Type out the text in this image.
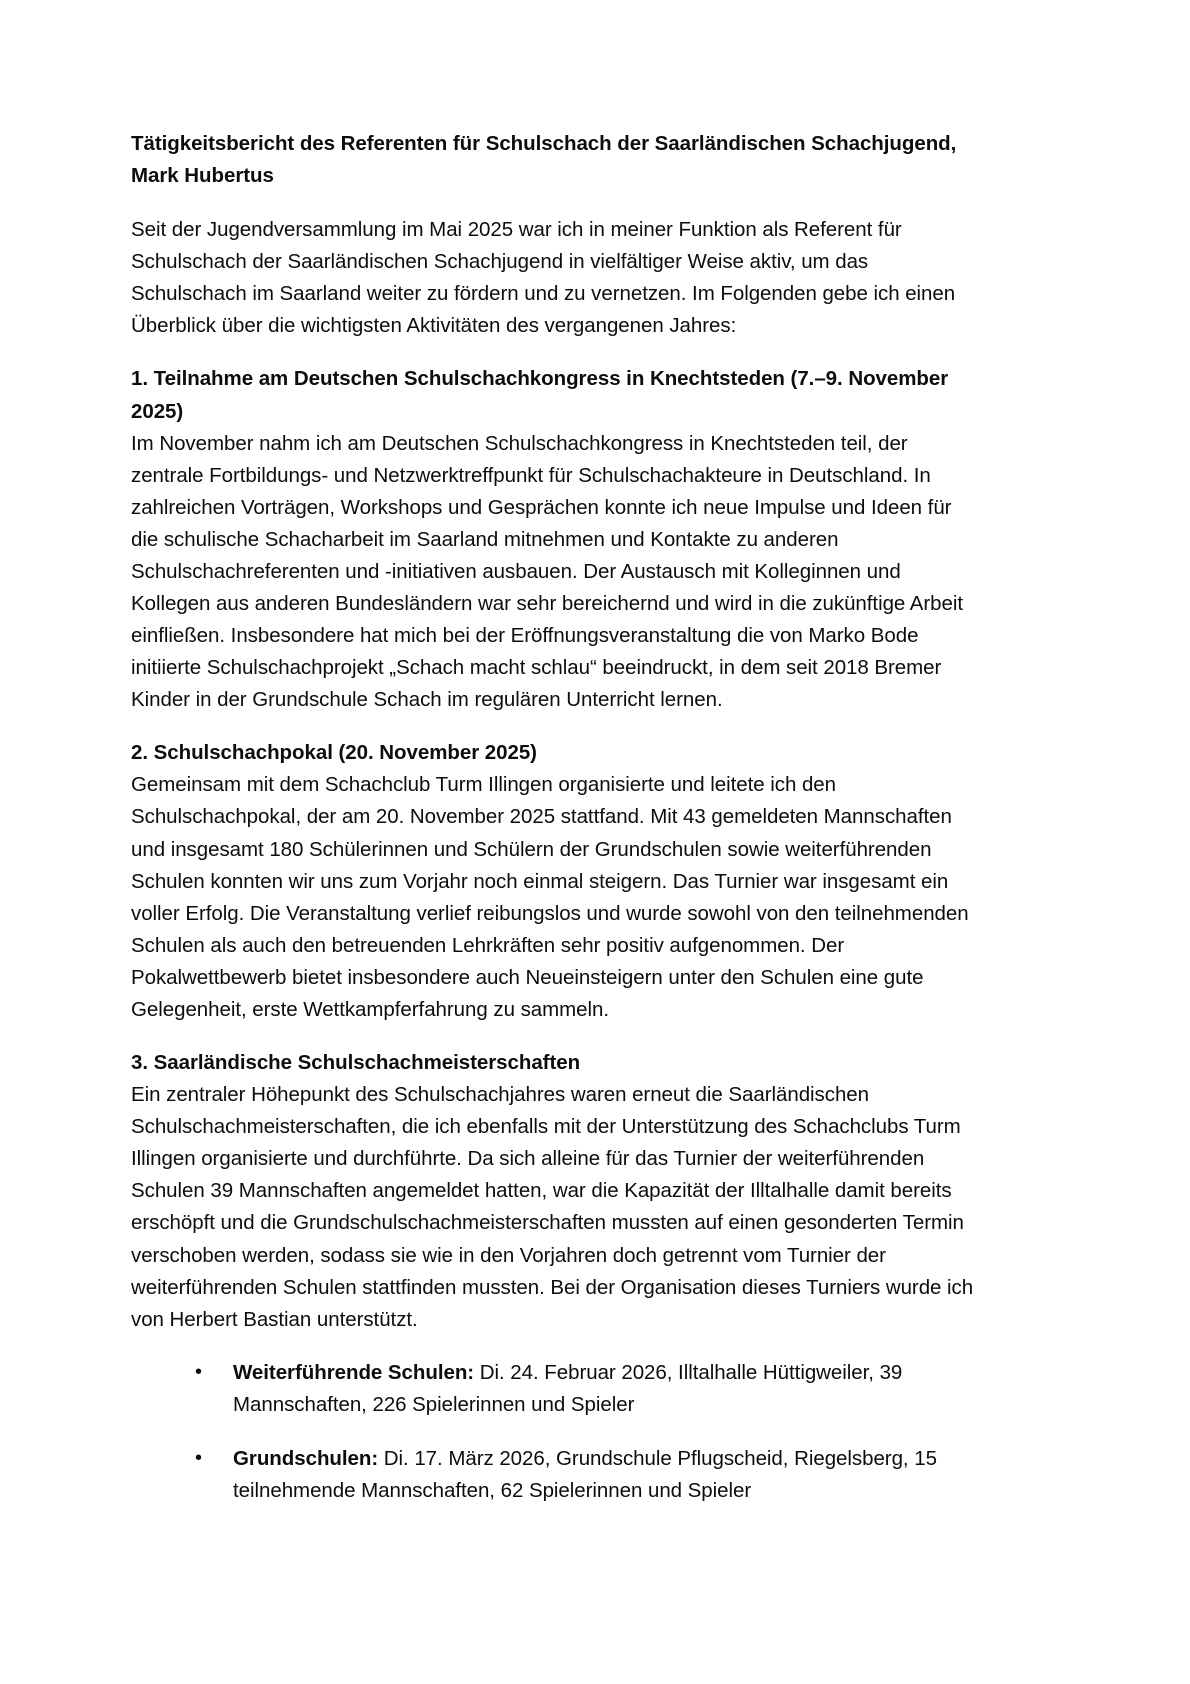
Tätigkeitsbericht des Referenten für Schulschach der Saarländischen Schachjugend, Mark Hubertus

Seit der Jugendversammlung im Mai 2025 war ich in meiner Funktion als Referent für Schulschach der Saarländischen Schachjugend in vielfältiger Weise aktiv, um das Schulschach im Saarland weiter zu fördern und zu vernetzen. Im Folgenden gebe ich einen Überblick über die wichtigsten Aktivitäten des vergangenen Jahres:

1. Teilnahme am Deutschen Schulschachkongress in Knechtsteden (7.–9. November 2025)
Im November nahm ich am Deutschen Schulschachkongress in Knechtsteden teil, der zentrale Fortbildungs- und Netzwerktreffpunkt für Schulschachakteure in Deutschland. In zahlreichen Vorträgen, Workshops und Gesprächen konnte ich neue Impulse und Ideen für die schulische Schacharbeit im Saarland mitnehmen und Kontakte zu anderen Schulschachreferenten und -initiativen ausbauen. Der Austausch mit Kolleginnen und Kollegen aus anderen Bundesländern war sehr bereichernd und wird in die zukünftige Arbeit einfließen. Insbesondere hat mich bei der Eröffnungsveranstaltung die von Marko Bode initiierte Schulschachprojekt „Schach macht schlau“ beeindruckt, in dem seit 2018 Bremer Kinder in der Grundschule Schach im regulären Unterricht lernen.
2. Schulschachpokal (20. November 2025)
Gemeinsam mit dem Schachclub Turm Illingen organisierte und leitete ich den Schulschachpokal, der am 20. November 2025 stattfand. Mit 43 gemeldeten Mannschaften und insgesamt 180 Schülerinnen und Schülern der Grundschulen sowie weiterführenden Schulen konnten wir uns zum Vorjahr noch einmal steigern. Das Turnier war insgesamt ein voller Erfolg. Die Veranstaltung verlief reibungslos und wurde sowohl von den teilnehmenden Schulen als auch den betreuenden Lehrkräften sehr positiv aufgenommen. Der Pokalwettbewerb bietet insbesondere auch Neueinsteigern unter den Schulen eine gute Gelegenheit, erste Wettkampferfahrung zu sammeln.
3. Saarländische Schulschachmeisterschaften
Ein zentraler Höhepunkt des Schulschachjahres waren erneut die Saarländischen Schulschachmeisterschaften, die ich ebenfalls mit der Unterstützung des Schachclubs Turm Illingen organisierte und durchführte. Da sich alleine für das Turnier der weiterführenden Schulen 39 Mannschaften angemeldet hatten, war die Kapazität der Illtalhalle damit bereits erschöpft und die Grundschulschachmeisterschaften mussten auf einen gesonderten Termin verschoben werden, sodass sie wie in den Vorjahren doch getrennt vom Turnier der weiterführenden Schulen stattfinden mussten. Bei der Organisation dieses Turniers wurde ich von Herbert Bastian unterstützt.
• Weiterführende Schulen: Di. 24. Februar 2026, Illtalhalle Hüttigweiler, 39 Mannschaften, 226 Spielerinnen und Spieler
• Grundschulen: Di. 17. März 2026, Grundschule Pflugscheid, Riegelsberg, 15 teilnehmende Mannschaften, 62 Spielerinnen und Spieler
